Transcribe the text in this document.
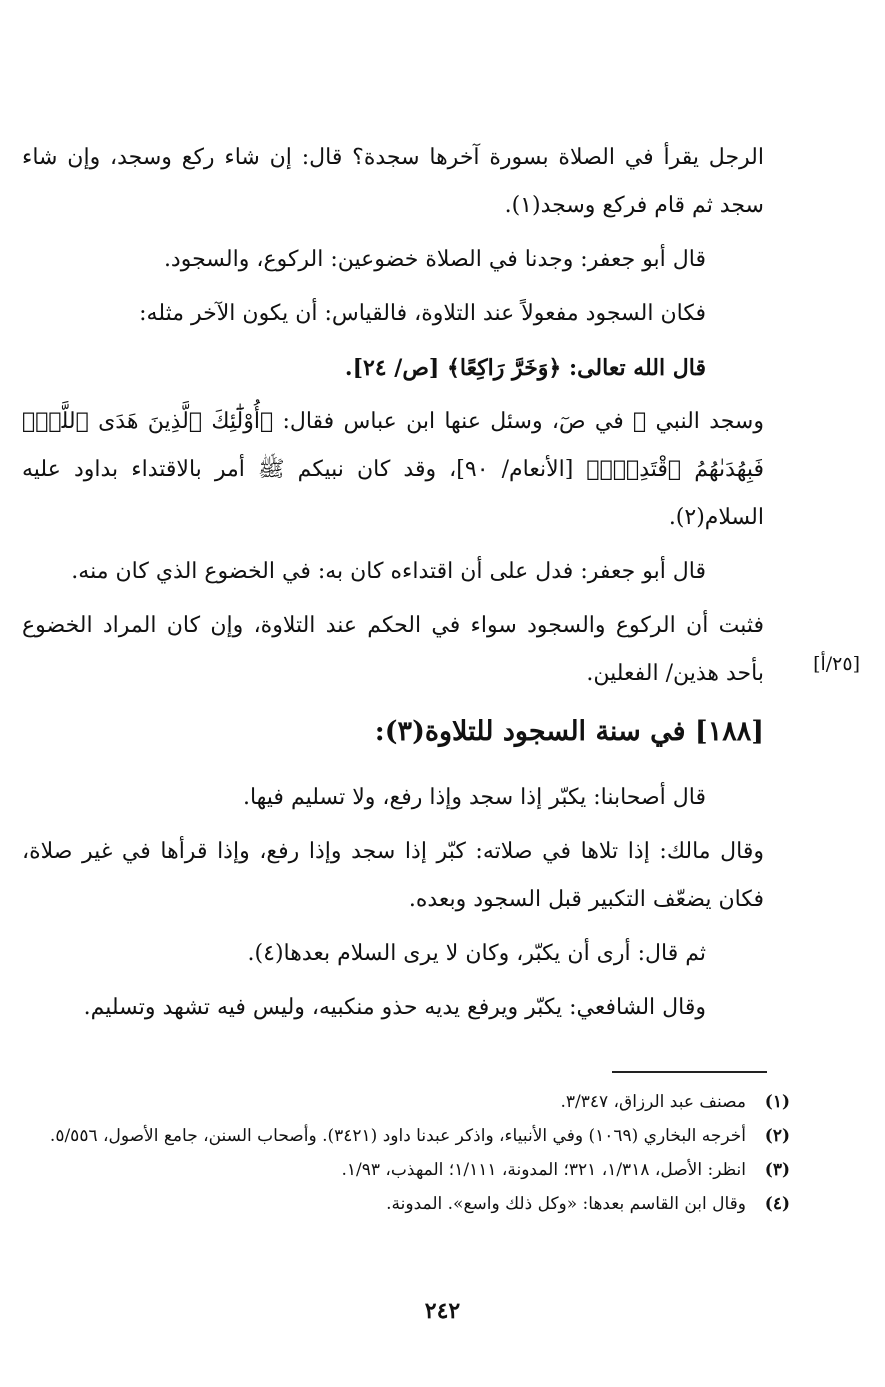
الرجل يقرأ في الصلاة بسورة آخرها سجدة؟ قال: إن شاء ركع وسجد، وإن شاء سجد ثم قام فركع وسجد(١).

قال أبو جعفر: وجدنا في الصلاة خضوعين: الركوع، والسجود.

فكان السجود مفعولاً عند التلاوة، فالقياس: أن يكون الآخر مثله:

قال الله تعالى: ﴿وَخَرَّ رَاكِعًا﴾ [ص/ ٢٤].

وسجد النبي ﷺ في صٓ، وسئل عنها ابن عباس فقال: ﴿أُوْلَٰٓئِكَ ٱلَّذِينَ هَدَى ٱللَّهُۖ فَبِهُدَىٰهُمُ ٱقْتَدِهْۗ﴾ [الأنعام/ ٩٠]، وقد كان نبيكم ﷺ أمر بالاقتداء بداود عليه السلام(٢).

قال أبو جعفر: فدل على أن اقتداءه كان به: في الخضوع الذي كان منه.

فثبت أن الركوع والسجود سواء في الحكم عند التلاوة، وإن كان المراد الخضوع بأحد هذين/ الفعلين.	[٢٥/أ]
[١٨٨] في سنة السجود للتلاوة(٣):

قال أصحابنا: يكبّر إذا سجد وإذا رفع، ولا تسليم فيها.

وقال مالك: إذا تلاها في صلاته: كبّر إذا سجد وإذا رفع، وإذا قرأها في غير صلاة، فكان يضعّف التكبير قبل السجود وبعده.

ثم قال: أرى أن يكبّر، وكان لا يرى السلام بعدها(٤).

وقال الشافعي: يكبّر ويرفع يديه حذو منكبيه، وليس فيه تشهد وتسليم.

(١)
مصنف عبد الرزاق، ٣/٣٤٧.
(٢)
أخرجه البخاري (١٠٦٩) وفي الأنبياء، واذكر عبدنا داود (٣٤٢١). وأصحاب السنن، جامع الأصول، ٥/٥٥٦.
(٣)
انظر: الأصل، ١/٣١٨، ٣٢١؛ المدونة، ١/١١١؛ المهذب، ١/٩٣.
(٤)
وقال ابن القاسم بعدها: «وكل ذلك واسع». المدونة.
٢٤٢
